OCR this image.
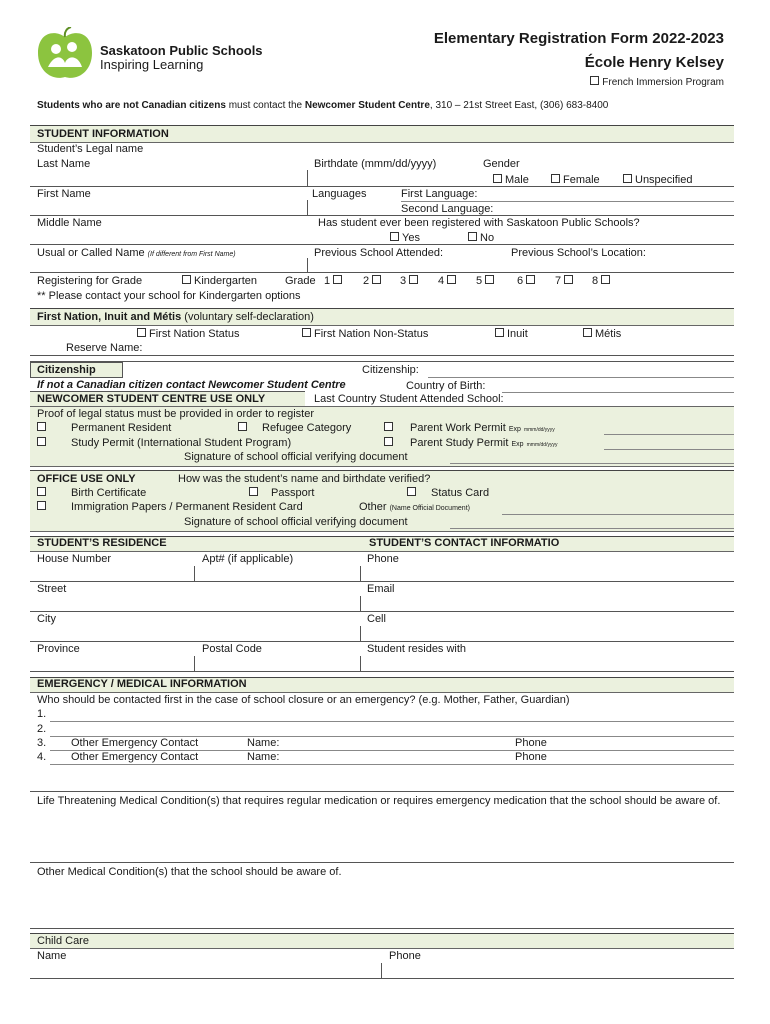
Saskatoon Public Schools
Inspiring Learning
Elementary Registration Form 2022-2023
École Henry Kelsey
French Immersion Program
Students who are not Canadian citizens must contact the Newcomer Student Centre, 310 – 21st Street East, (306) 683-8400
STUDENT INFORMATION
Student’s Legal name
Last Name	Birthdate (mmm/dd/yyyy)	Gender
Male	Female	Unspecified
First Name	Languages	First Language:
Second Language:
Middle Name	Has student ever been registered with Saskatoon Public Schools?
Yes	No
Usual or Called Name (If different from First Name)	Previous School Attended:	Previous School’s Location:
Registering for Grade	Kindergarten	Grade 1	2	3	4	5	6	7	8
** Please contact your school for Kindergarten options
First Nation, Inuit and Métis (voluntary self-declaration)
First Nation Status	First Nation Non-Status	Inuit	Métis
Reserve Name:
Citizenship	Citizenship:
If not a Canadian citizen contact Newcomer Student Centre	Country of Birth:
NEWCOMER STUDENT CENTRE USE ONLY	Last Country Student Attended School:
Proof of legal status must be provided in order to register
Permanent Resident	Refugee Category	Parent Work Permit Exp mmm/dd/yyyy
Study Permit (International Student Program)	Parent Study Permit Exp mmm/dd/yyyy
Signature of school official verifying document
OFFICE USE ONLY	How was the student’s name and birthdate verified?
Birth Certificate	Passport	Status Card
Immigration Papers / Permanent Resident Card	Other (Name Official Document)
Signature of school official verifying document
STUDENT’S RESIDENCE	STUDENT’S CONTACT INFORMATIO
House Number	Apt# (if applicable)	Phone
Street	Email
City	Cell
Province	Postal Code	Student resides with
EMERGENCY / MEDICAL INFORMATION
Who should be contacted first in the case of school closure or an emergency? (e.g. Mother, Father, Guardian)
1.
2.
3. Other Emergency Contact	Name:	Phone
4. Other Emergency Contact	Name:	Phone
Life Threatening Medical Condition(s) that requires regular medication or requires emergency medication that the school should be aware of.
Other Medical Condition(s) that the school should be aware of.
Child Care
Name	Phone
